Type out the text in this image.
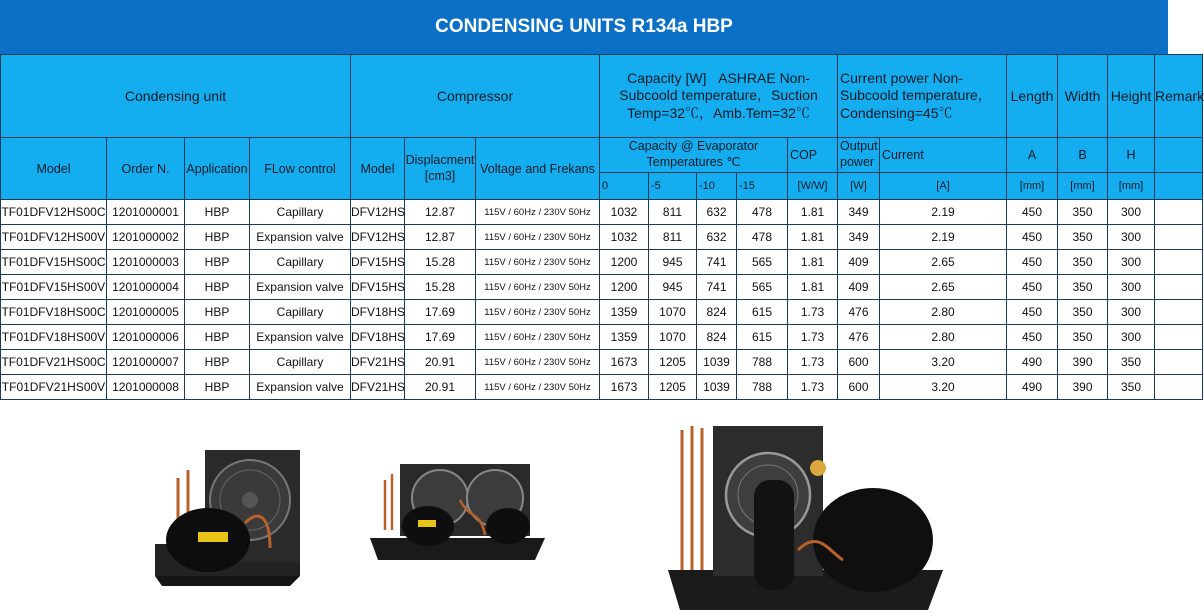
CONDENSING UNITS R134a HBP
Condensing unit				Compressor			Capacity [W]   ASHRAE Non-Subcoold temperature，Suction Temp=32℃，Amb.Tem=32℃					Current power Non-Subcoold temperature， Condensing=45℃		Length	Width	Height	Remark
Model	Order N.	Application	FLow control	Model	Displacment [cm3]	Voltage and Frekans	Capacity @ Evaporator Temperatures ℃				COP	Output power	Current	A	B	H	
							0	-5	-10	-15	[W/W]	[W]	[A]	[mm]	[mm]	[mm]	
TF01DFV12HS00C	1201000001	HBP	Capillary	DFV12HS	12.87	115V / 60Hz / 230V 50Hz	1032	811	632	478	1.81	349	2.19	450	350	300	
TF01DFV12HS00V	1201000002	HBP	Expansion valve	DFV12HS	12.87	115V / 60Hz / 230V 50Hz	1032	811	632	478	1.81	349	2.19	450	350	300	
TF01DFV15HS00C	1201000003	HBP	Capillary	DFV15HS	15.28	115V / 60Hz / 230V 50Hz	1200	945	741	565	1.81	409	2.65	450	350	300	
TF01DFV15HS00V	1201000004	HBP	Expansion valve	DFV15HS	15.28	115V / 60Hz / 230V 50Hz	1200	945	741	565	1.81	409	2.65	450	350	300	
TF01DFV18HS00C	1201000005	HBP	Capillary	DFV18HS	17.69	115V / 60Hz / 230V 50Hz	1359	1070	824	615	1.73	476	2.80	450	350	300	
TF01DFV18HS00V	1201000006	HBP	Expansion valve	DFV18HS	17.69	115V / 60Hz / 230V 50Hz	1359	1070	824	615	1.73	476	2.80	450	350	300	
TF01DFV21HS00C	1201000007	HBP	Capillary	DFV21HS	20.91	115V / 60Hz / 230V 50Hz	1673	1205	1039	788	1.73	600	3.20	490	390	350	
TF01DFV21HS00V	1201000008	HBP	Expansion valve	DFV21HS	20.91	115V / 60Hz / 230V 50Hz	1673	1205	1039	788	1.73	600	3.20	490	390	350	
